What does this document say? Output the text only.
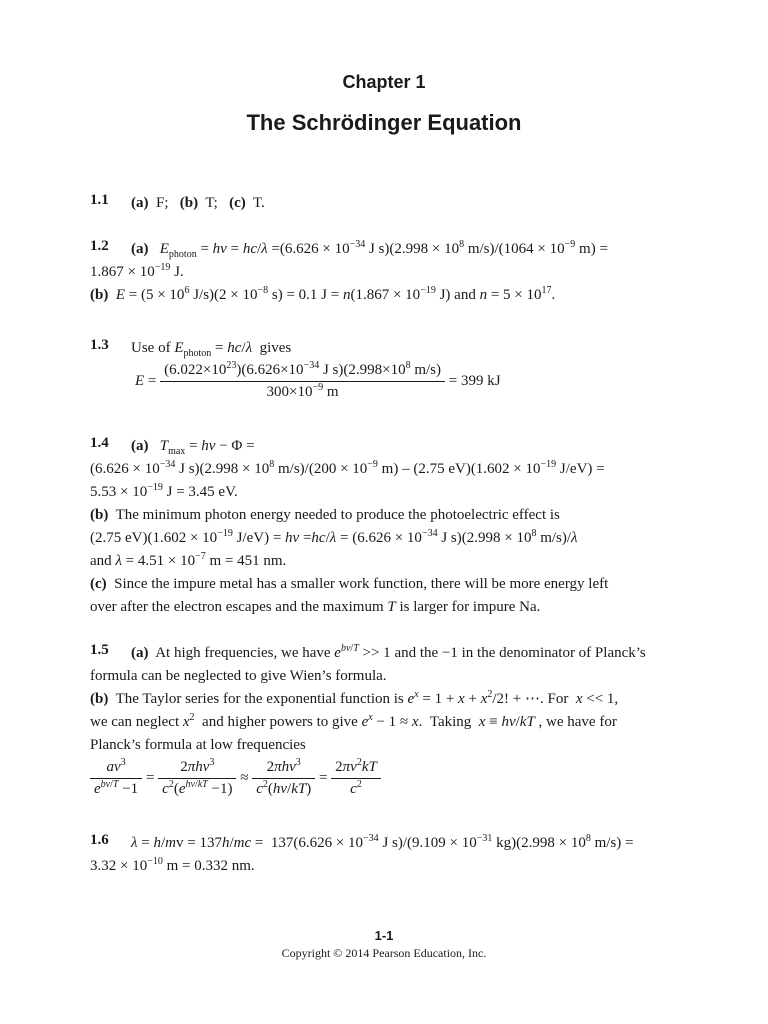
Chapter 1
The Schrödinger Equation
1.1 (a)  F;   (b)  T;   (c)  T.
1.2 (a) $E_{photon} = h\nu = hc/\lambda =(6.626 \times 10^{-34}$ J $s)(2.998 \times 10^8$ $m/s)/(1064 \times 10^{-9}$ m) =
$1.867 \times 10^{-19}$ J.
(b) $E = (5 \times 10^6$ $J/s)(2 \times 10^{-8}$ s) = 0.1 $J = n(1.867 \times 10^{-19}$ J) and $n = 5 \times 10^{17}$.
1.3 Use of $E_{photon} = hc/\lambda$ gives
$E = \frac{(6.022\times 10^{23})(6.626\times 10^{-34} J s)(2.998\times 10^8 m/s)}{300\times 10^{-9} m} = 399$ kJ
1.4 (a) $T_{max} = h\nu - \Phi$ =
($6.626 \times 10^{-34}$ J $s)(2.998 \times 10^8$ $m/s)/(200 \times 10^{-9}$ m) – (2.75 $eV)(1.602 \times 10^{-19}$ J/eV) =
$5.53 \times 10^{-19}$ J = 3.45 eV.
(b) The minimum photon energy needed to produce the photoelectric effect is
(2.75 $eV)(1.602 \times 10^{-19}$ $J/eV) = h\nu =hc/\lambda = (6.626 \times 10^{-34}$ J $s)(2.998 \times 10^8$ m/s)/λ
and $\lambda = 4.51 \times 10^{-7}$ m = 451 nm.
(c) Since the impure metal has a smaller work function, there will be more energy left
over after the electron escapes and the maximum T is larger for impure Na.
1.5 (a) At high frequencies, we have $e^{b\nu/T} >> 1$ and the −1 in the denominator of Planck’s
formula can be neglected to give Wien’s formula.
(b) The Taylor series for the exponential function is $e^x = 1 + x + x^2/2$! + ⋯. For  x << 1,
we can neglect $x^2$ and higher powers to give $e^x - 1 \approx x$.  Taking  x ≡ hν/kT , we have for
Planck’s formula at low frequencies
$\frac{a\nu^3}{e^{b\nu/T} -1} = \frac{2\pi h\nu^3}{c^2(e^{h\nu/kT} -1)} \approx \frac{2\pi h\nu^3}{c^2(h\nu/kT)} = \frac{2\pi\nu^2kT}{c^2}$
1.6 $\lambda = h/mv = 137h/mc = 137(6.626 \times 10^{-34}$ J $s)/(9.109 \times 10^{-31}$ $kg)(2.998 \times 10^8$ m/s) =
$3.32 \times 10^{-10}$ m = 0.332 nm.
1-1
Copyright © 2014 Pearson Education, Inc.
